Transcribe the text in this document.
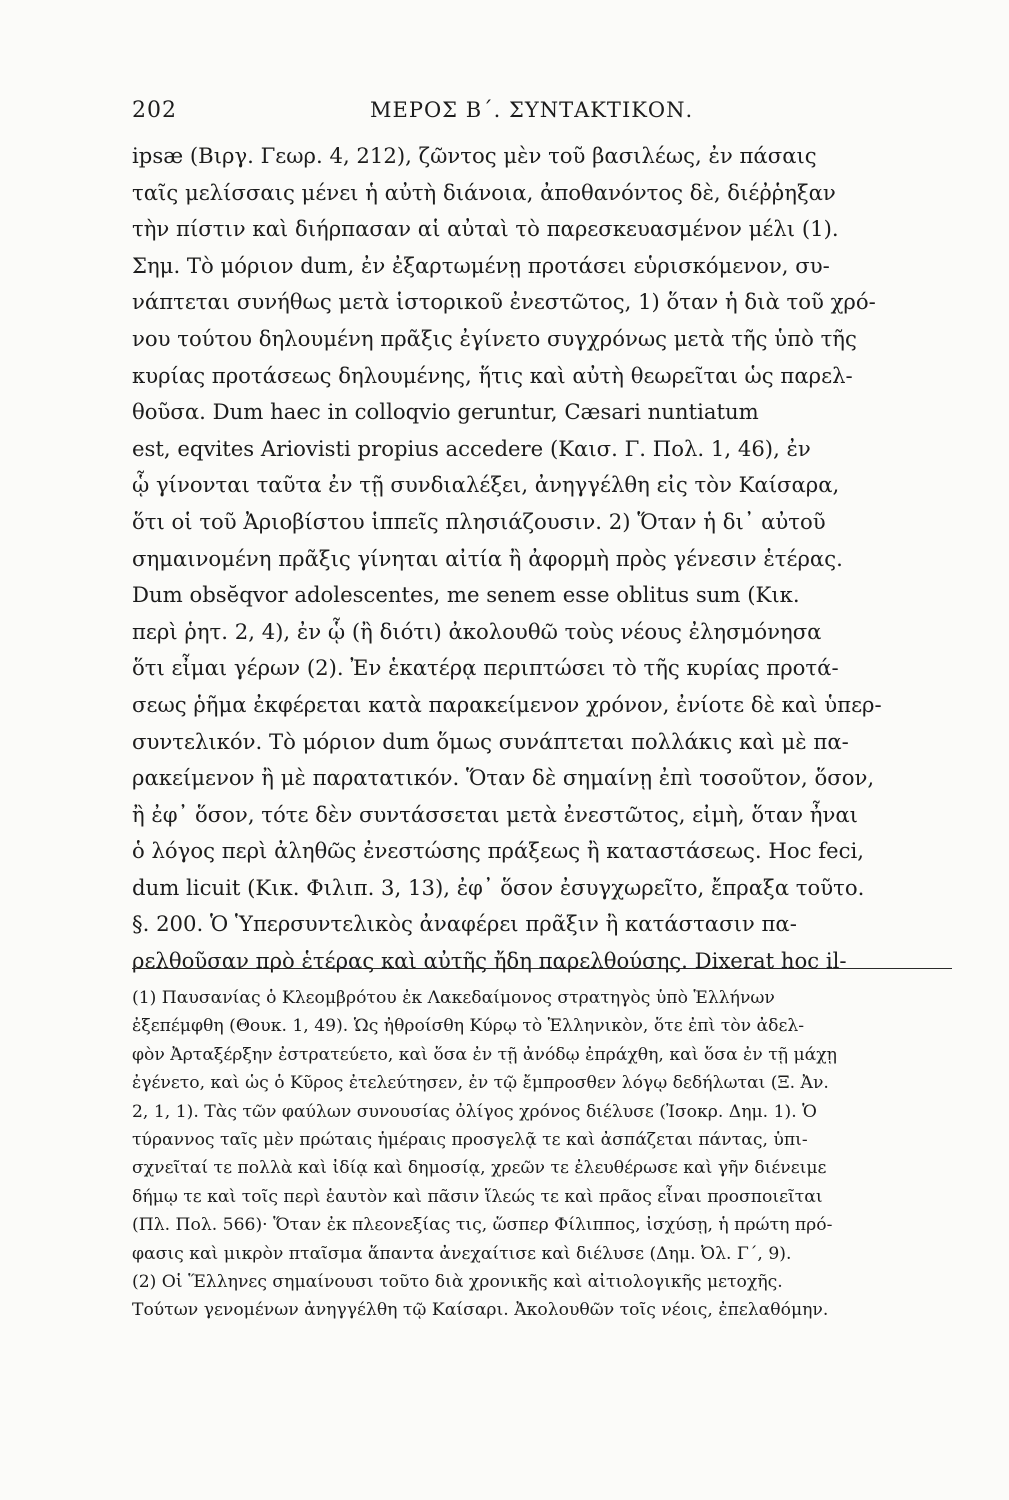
202	ΜΕΡΟΣ Β΄. ΣΥΝΤΑΚΤΙΚΟΝ.
ipsæ (Βιργ. Γεωρ. 4, 212), ζῶντος μὲν τοῦ βασιλέως, ἐν πάσαις
ταῖς μελίσσαις μένει ἡ αὐτὴ διάνοια, ἀποθανόντος δὲ, διέῤῥηξαν
τὴν πίστιν καὶ διήρπασαν αἱ αὐταὶ τὸ παρεσκευασμένον μέλι (1).
Σημ. Τὸ μόριον dum, ἐν ἐξαρτωμένῃ προτάσει εὑρισκόμενον, συ-
νάπτεται συνήθως μετὰ ἱστορικοῦ ἐνεστῶτος, 1) ὅταν ἡ διὰ τοῦ χρό-
νου τούτου δηλουμένη πρᾶξις ἐγίνετο συγχρόνως μετὰ τῆς ὑπὸ τῆς
κυρίας προτάσεως δηλουμένης, ἥτις καὶ αὐτὴ θεωρεῖται ὡς παρελ-
θοῦσα. Dum haec in colloqvio geruntur, Cæsari nuntiatum
est, eqvites Ariovisti propius accedere (Καισ. Γ. Πολ. 1, 46), ἐν
ᾧ γίνονται ταῦτα ἐν τῇ συνδιαλέξει, ἀνηγγέλθη εἰς τὸν Καίσαρα,
ὅτι οἱ τοῦ Ἀριοβίστου ἱππεῖς πλησιάζουσιν. 2) Ὅταν ἡ δι᾽ αὐτοῦ
σημαινομένη πρᾶξις γίνηται αἰτία ἢ ἀφορμὴ πρὸς γένεσιν ἑτέρας.
Dum obsĕqvor adolescentes, me senem esse oblitus sum (Κικ.
περὶ ῥητ. 2, 4), ἐν ᾧ (ἢ διότι) ἀκολουθῶ τοὺς νέους ἐλησμόνησα
ὅτι εἶμαι γέρων (2). Ἐν ἑκατέρᾳ περιπτώσει τὸ τῆς κυρίας προτά-
σεως ῥῆμα ἐκφέρεται κατὰ παρακείμενον χρόνον, ἐνίοτε δὲ καὶ ὑπερ-
συντελικόν. Τὸ μόριον dum ὅμως συνάπτεται πολλάκις καὶ μὲ πα-
ρακείμενον ἢ μὲ παρατατικόν. Ὅταν δὲ σημαίνῃ ἐπὶ τοσοῦτον, ὅσον,
ἢ ἐφ᾽ ὅσον, τότε δὲν συντάσσεται μετὰ ἐνεστῶτος, εἰμὴ, ὅταν ἦναι
ὁ λόγος περὶ ἀληθῶς ἐνεστώσης πράξεως ἢ καταστάσεως. Hoc feci,
dum licuit (Κικ. Φιλιπ. 3, 13), ἐφ᾽ ὅσον ἐσυγχωρεῖτο, ἔπραξα τοῦτο.
§. 200. Ὁ Ὑπερσυντελικὸς ἀναφέρει πρᾶξιν ἢ κατάστασιν πα-
ρελθοῦσαν πρὸ ἑτέρας καὶ αὐτῆς ἤδη παρελθούσης. Dixerat hoc il-
(1) Παυσανίας ὁ Κλεομβρότου ἐκ Λακεδαίμονος στρατηγὸς ὑπὸ Ἑλλήνων
ἐξεπέμφθη (Θουκ. 1, 49). Ὡς ἠθροίσθη Κύρῳ τὸ Ἑλληνικὸν, ὅτε ἐπὶ τὸν ἀδελ-
φὸν Ἀρταξέρξην ἐστρατεύετο, καὶ ὅσα ἐν τῇ ἀνόδῳ ἐπράχθη, καὶ ὅσα ἐν τῇ μάχῃ
ἐγένετο, καὶ ὡς ὁ Κῦρος ἐτελεύτησεν, ἐν τῷ ἔμπροσθεν λόγῳ δεδήλωται (Ξ. Ἀν.
2, 1, 1). Τὰς τῶν φαύλων συνουσίας ὀλίγος χρόνος διέλυσε (Ἰσοκρ. Δημ. 1). Ὁ
τύραννος ταῖς μὲν πρώταις ἡμέραις προσγελᾷ τε καὶ ἀσπάζεται πάντας, ὑπι-
σχνεῖταί τε πολλὰ καὶ ἰδίᾳ καὶ δημοσίᾳ, χρεῶν τε ἐλευθέρωσε καὶ γῆν διένειμε
δήμῳ τε καὶ τοῖς περὶ ἑαυτὸν καὶ πᾶσιν ἵλεώς τε καὶ πρᾶος εἶναι προσποιεῖται
(Πλ. Πολ. 566)· Ὅταν ἐκ πλεονεξίας τις, ὥσπερ Φίλιππος, ἰσχύσῃ, ἡ πρώτη πρό-
φασις καὶ μικρὸν πταῖσμα ἅπαντα ἀνεχαίτισε καὶ διέλυσε (Δημ. Ὀλ. Γ΄, 9).
(2) Οἱ Ἕλληνες σημαίνουσι τοῦτο διὰ χρονικῆς καὶ αἰτιολογικῆς μετοχῆς.
Τούτων γενομένων ἀνηγγέλθη τῷ Καίσαρι. Ἀκολουθῶν τοῖς νέοις, ἐπελαθόμην.
